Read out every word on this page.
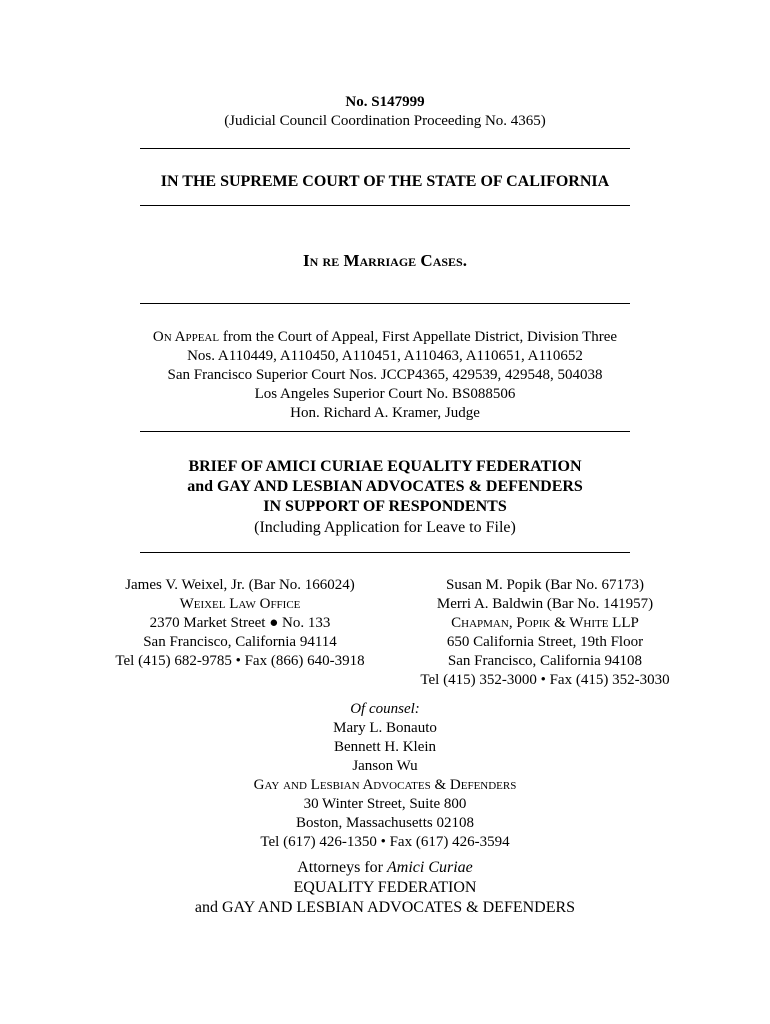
No. S147999
(Judicial Council Coordination Proceeding No. 4365)
IN THE SUPREME COURT OF THE STATE OF CALIFORNIA
In re Marriage Cases.
On Appeal from the Court of Appeal, First Appellate District, Division Three
Nos. A110449, A110450, A110451, A110463, A110651, A110652
San Francisco Superior Court Nos. JCCP4365, 429539, 429548, 504038
Los Angeles Superior Court No. BS088506
Hon. Richard A. Kramer, Judge
BRIEF OF AMICI CURIAE EQUALITY FEDERATION
and GAY AND LESBIAN ADVOCATES & DEFENDERS
IN SUPPORT OF RESPONDENTS
(Including Application for Leave to File)
James V. Weixel, Jr. (Bar No. 166024)
Weixel Law Office
2370 Market Street ● No. 133
San Francisco, California 94114
Tel (415) 682-9785 • Fax (866) 640-3918
Susan M. Popik (Bar No. 67173)
Merri A. Baldwin (Bar No. 141957)
Chapman, Popik & White LLP
650 California Street, 19th Floor
San Francisco, California 94108
Tel (415) 352-3000 • Fax (415) 352-3030
Of counsel:
Mary L. Bonauto
Bennett H. Klein
Janson Wu
Gay and Lesbian Advocates & Defenders
30 Winter Street, Suite 800
Boston, Massachusetts 02108
Tel (617) 426-1350 • Fax (617) 426-3594
Attorneys for Amici Curiae
EQUALITY FEDERATION
and GAY AND LESBIAN ADVOCATES & DEFENDERS
